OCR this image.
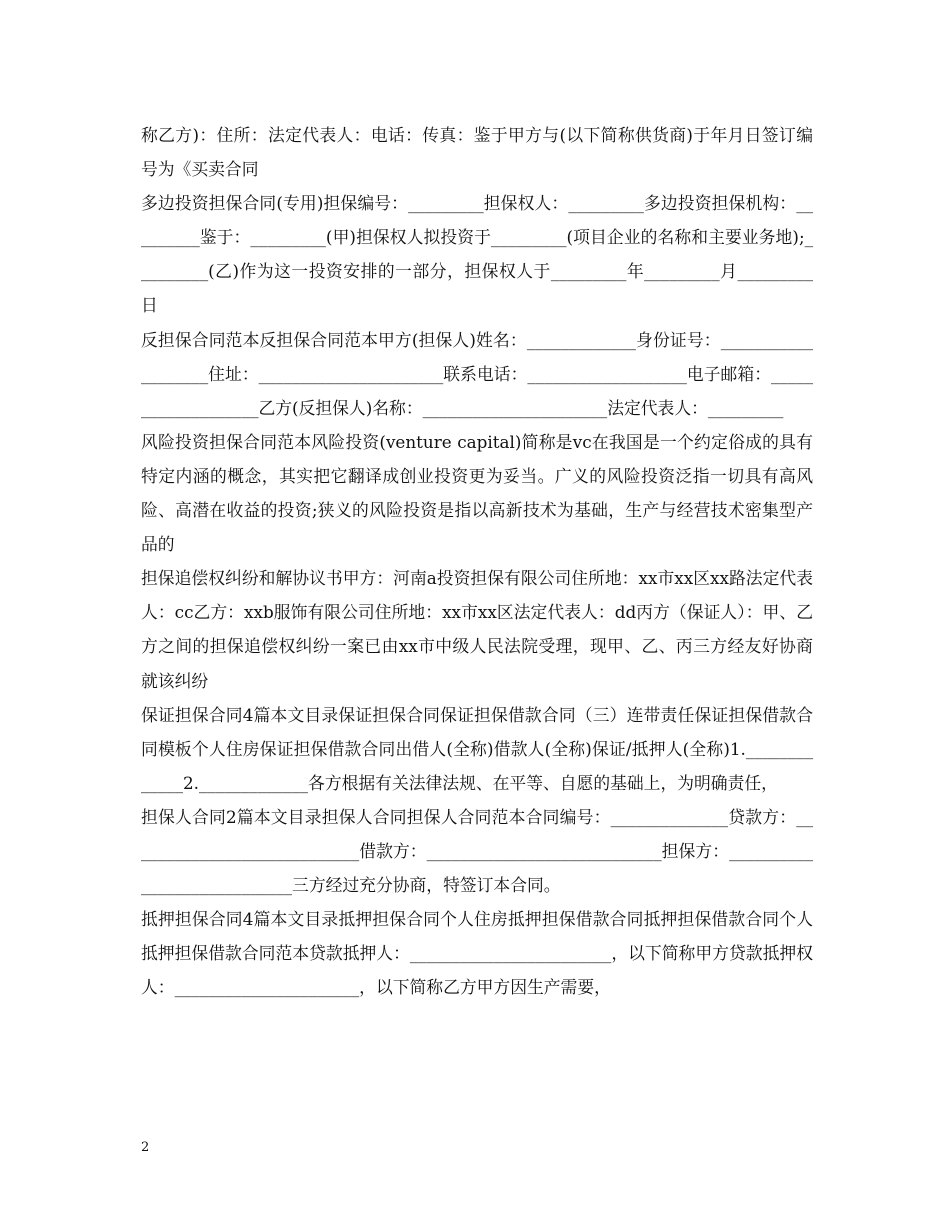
称乙方)：住所：法定代表人：电话：传真：鉴于甲方与(以下简称供货商)于年月日签订编号为《买卖合同

多边投资担保合同(专用)担保编号：_________担保权人：_________多边投资担保机构：_________鉴于：_________(甲)担保权人拟投资于_________(项目企业的名称和主要业务地);_________(乙)作为这一投资安排的一部分，担保权人于_________年_________月_________日

反担保合同范本反担保合同范本甲方(担保人)姓名：_____________身份证号：___________________住址：______________________联系电话：___________________电子邮箱：___________________乙方(反担保人)名称：______________________法定代表人：_________

风险投资担保合同范本风险投资(venture capital)简称是vc在我国是一个约定俗成的具有特定内涵的概念，其实把它翻译成创业投资更为妥当。广义的风险投资泛指一切具有高风险、高潜在收益的投资;狭义的风险投资是指以高新技术为基础，生产与经营技术密集型产品的

担保追偿权纠纷和解协议书甲方：河南a投资担保有限公司住所地：xx市xx区xx路法定代表人：cc乙方：xxb服饰有限公司住所地：xx市xx区法定代表人：dd丙方（保证人）：甲、乙方之间的担保追偿权纠纷一案已由xx市中级人民法院受理，现甲、乙、丙三方经友好协商就该纠纷

保证担保合同4篇本文目录保证担保合同保证担保借款合同（三）连带责任保证担保借款合同模板个人住房保证担保借款合同出借人(全称)借款人(全称)保证/抵押人(全称)1._____________2._____________各方根据有关法律法规、在平等、自愿的基础上，为明确责任，

担保人合同2篇本文目录担保人合同担保人合同范本合同编号：______________贷款方：____________________________借款方：____________________________担保方：____________________________三方经过充分协商，特签订本合同。

抵押担保合同4篇本文目录抵押担保合同个人住房抵押担保借款合同抵押担保借款合同个人抵押担保借款合同范本贷款抵押人：________________________，以下简称甲方贷款抵押权人：______________________，以下简称乙方甲方因生产需要，

2
